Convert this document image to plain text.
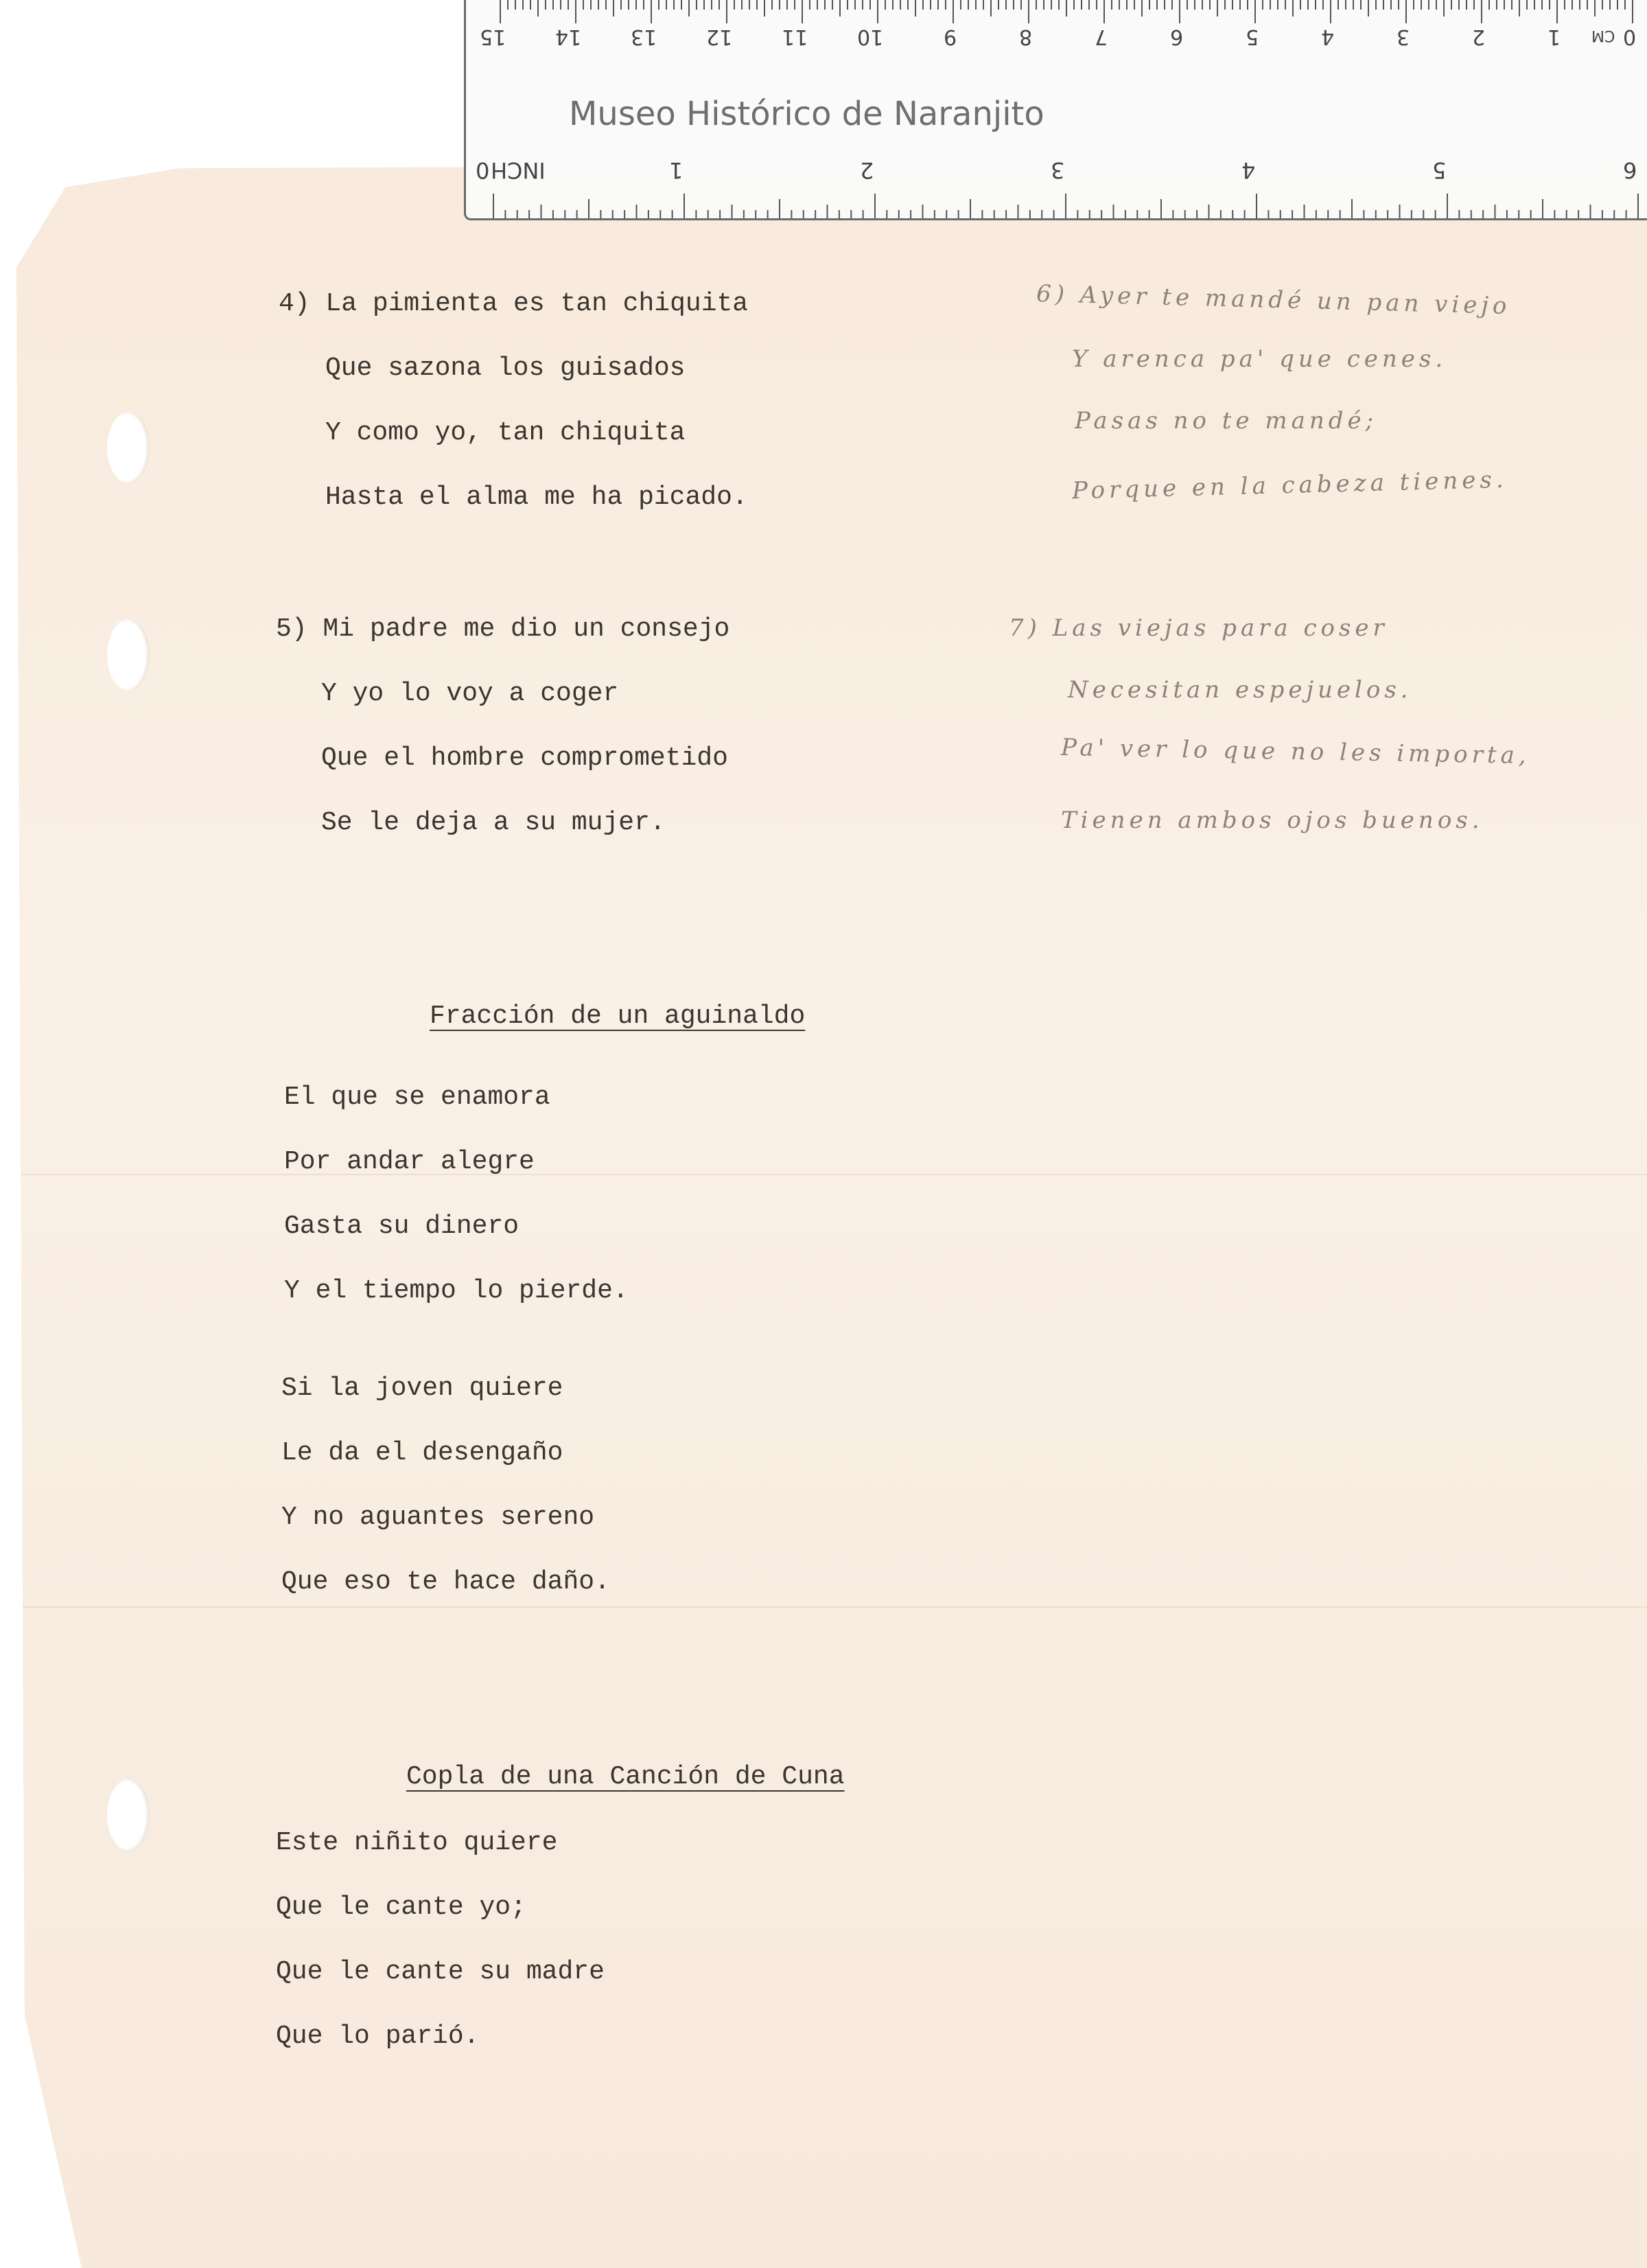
4) La pimienta es tan chiquita

Que sazona los guisados

Y como yo, tan chiquita

Hasta el alma me ha picado.

5) Mi padre me dio un consejo

Y yo lo voy a coger

Que el hombre comprometido

Se le deja a su mujer.

Fracción de un aguinaldo

El que se enamora

Por andar alegre

Gasta su dinero

Y el tiempo lo pierde.

Si la joven quiere

Le da el desengaño

Y no aguantes sereno

Que eso te hace daño.

Copla de una Canción de Cuna

Este niñito quiere

Que le cante yo;

Que le cante su madre

Que lo parió.

6) Ayer te mandé un pan viejo

Y arenca pa' que cenes.

Pasas no te mandé;

Porque en la cabeza tienes.

7) Las viejas para coser

Necesitan espejuelos.

Pa' ver lo que no les importa,

Tienen ambos ojos buenos.

15 14 13 12 11 10	9	8	7	6	5	4	3	2	1	0
1	2	3	4	5	6
0
CM
INCH
Museo Histórico de Naranjito
